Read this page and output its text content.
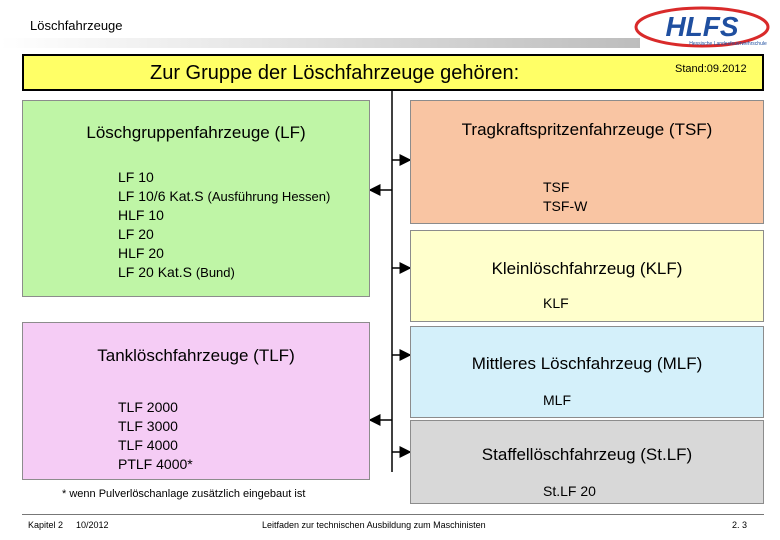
Löschfahrzeuge	HLFS
Hessische Landesfeuerwehrschule
Zur Gruppe der Löschfahrzeuge gehören:	Stand:09.2012
Löschgruppenfahrzeuge (LF)
LF 10
LF 10/6 Kat.S (Ausführung Hessen)
HLF 10
LF 20
HLF 20
LF 20 Kat.S (Bund)
Tanklöschfahrzeuge (TLF)
TLF 2000
TLF 3000
TLF 4000
PTLF 4000*
* wenn Pulverlöschanlage zusätzlich eingebaut ist
Tragkraftspritzenfahrzeuge (TSF)
TSF
TSF-W
Kleinlöschfahrzeug (KLF)
KLF
Mittleres Löschfahrzeug (MLF)
MLF
Staffellöschfahrzeug (St.LF)
St.LF 20
Kapitel 2 10/2012	Leitfaden zur technischen Ausbildung zum Maschinisten	2. 3
